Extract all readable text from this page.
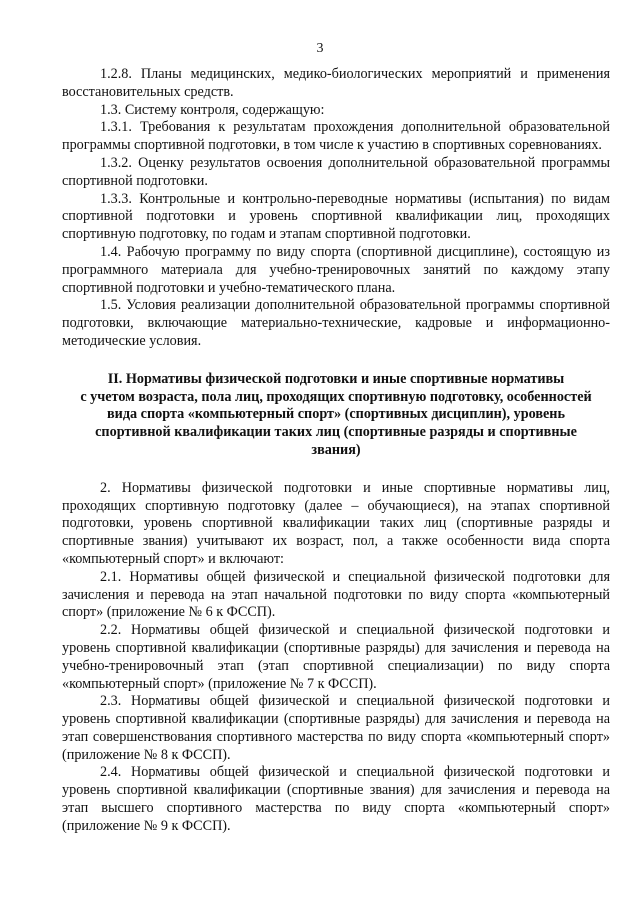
3

1.2.8. Планы медицинских, медико-биологических мероприятий и применения восстановительных средств.

1.3. Систему контроля, содержащую:

1.3.1. Требования к результатам прохождения дополнительной образовательной программы спортивной подготовки, в том числе к участию в спортивных соревнованиях.

1.3.2. Оценку результатов освоения дополнительной образовательной программы спортивной подготовки.

1.3.3. Контрольные и контрольно-переводные нормативы (испытания) по видам спортивной подготовки и уровень спортивной квалификации лиц, проходящих спортивную подготовку, по годам и этапам спортивной подготовки.

1.4. Рабочую программу по виду спорта (спортивной дисциплине), состоящую из программного материала для учебно-тренировочных занятий по каждому этапу спортивной подготовки и учебно-тематического плана.

1.5. Условия реализации дополнительной образовательной программы спортивной подготовки, включающие материально-технические, кадровые и информационно-методические условия.

II. Нормативы физической подготовки и иные спортивные нормативы
с учетом возраста, пола лиц, проходящих спортивную подготовку, особенностей
вида спорта «компьютерный спорт» (спортивных дисциплин), уровень
спортивной квалификации таких лиц (спортивные разряды и спортивные
звания)

2. Нормативы физической подготовки и иные спортивные нормативы лиц, проходящих спортивную подготовку (далее – обучающиеся), на этапах спортивной подготовки, уровень спортивной квалификации таких лиц (спортивные разряды и спортивные звания) учитывают их возраст, пол, а также особенности вида спорта «компьютерный спорт» и включают:

2.1. Нормативы общей физической и специальной физической подготовки для зачисления и перевода на этап начальной подготовки по виду спорта «компьютерный спорт» (приложение № 6 к ФССП).

2.2. Нормативы общей физической и специальной физической подготовки и уровень спортивной квалификации (спортивные разряды) для зачисления и перевода на учебно-тренировочный этап (этап спортивной специализации) по виду спорта «компьютерный спорт» (приложение № 7 к ФССП).

2.3. Нормативы общей физической и специальной физической подготовки и уровень спортивной квалификации (спортивные разряды) для зачисления и перевода на этап совершенствования спортивного мастерства по виду спорта «компьютерный спорт» (приложение № 8 к ФССП).

2.4. Нормативы общей физической и специальной физической подготовки и уровень спортивной квалификации (спортивные звания) для зачисления и перевода на этап высшего спортивного мастерства по виду спорта «компьютерный спорт» (приложение № 9 к ФССП).
